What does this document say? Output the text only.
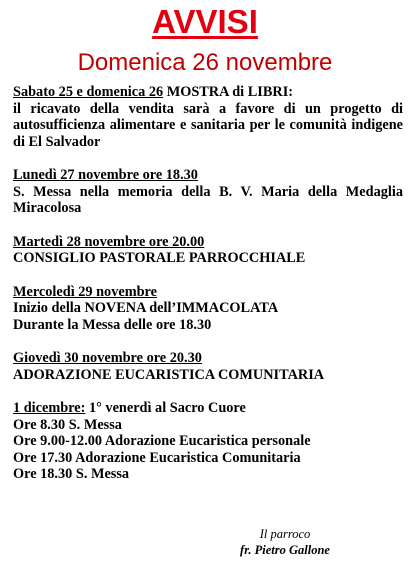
AVVISI
Domenica 26 novembre

Sabato 25 e domenica 26 MOSTRA di LIBRI:

il ricavato della vendita sarà a favore di un progetto di autosufficienza alimentare e sanitaria per le comunità indigene di El Salvador

Lunedì 27 novembre ore 18.30

S. Messa nella memoria della B. V. Maria della Medaglia Miracolosa

Martedì 28 novembre ore 20.00

CONSIGLIO PASTORALE PARROCCHIALE

Mercoledì 29 novembre

Inizio della NOVENA dell’IMMACOLATA

Durante la Messa delle ore 18.30

Giovedì 30 novembre ore 20.30

ADORAZIONE EUCARISTICA COMUNITARIA

1 dicembre: 1° venerdì al Sacro Cuore

Ore 8.30 S. Messa

Ore 9.00-12.00 Adorazione Eucaristica personale

Ore 17.30 Adorazione Eucaristica Comunitaria

Ore 18.30 S. Messa

Il parroco
fr. Pietro Gallone
